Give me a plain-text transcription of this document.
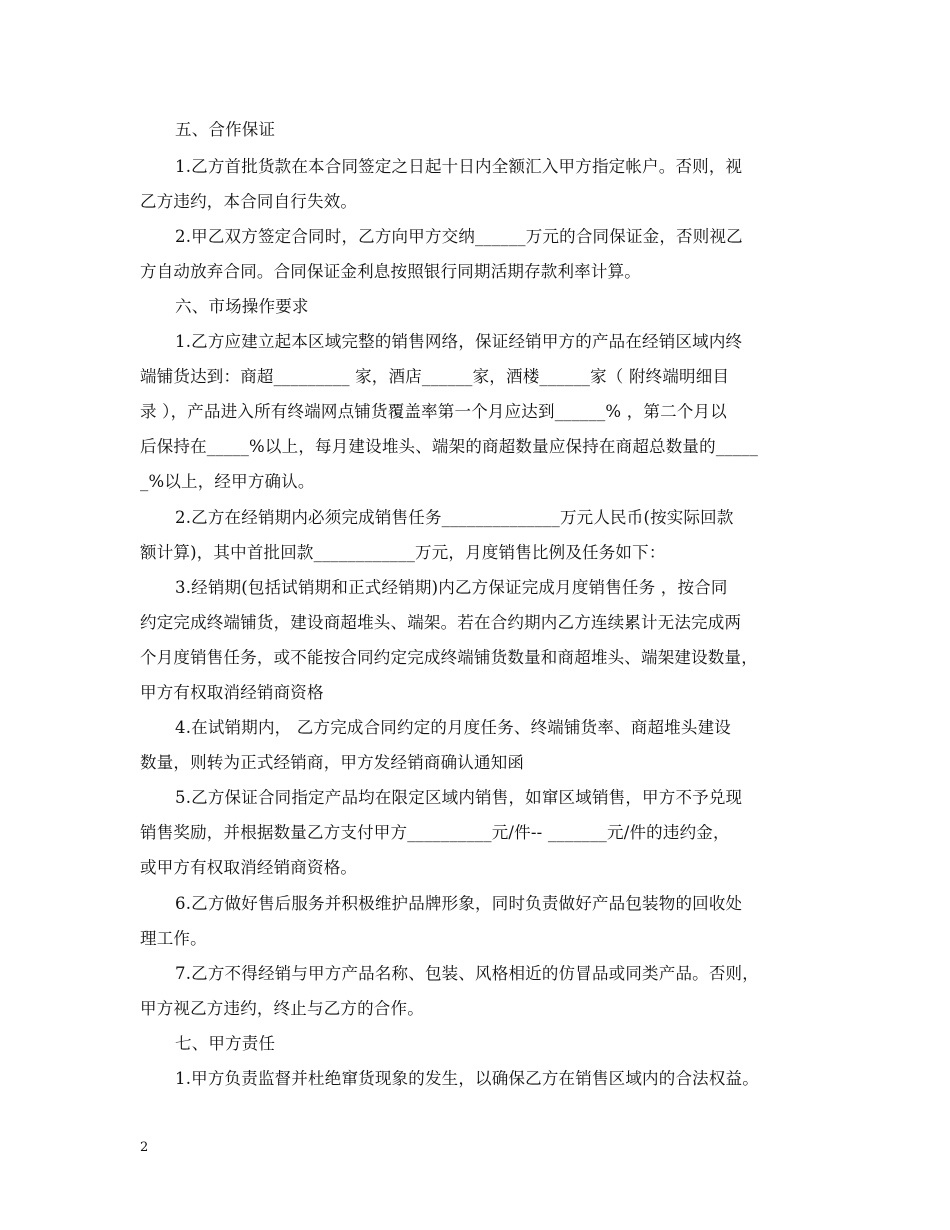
五、合作保证
1.乙方首批货款在本合同签定之日起十日内全额汇入甲方指定帐户。否则，视
乙方违约，本合同自行失效。
2.甲乙双方签定合同时，乙方向甲方交纳______万元的合同保证金，否则视乙
方自动放弃合同。合同保证金利息按照银行同期活期存款利率计算。
六、市场操作要求
1.乙方应建立起本区域完整的销售网络，保证经销甲方的产品在经销区域内终
端铺货达到：商超_________ 家，酒店______家，酒楼______家（ 附终端明细目
录 ），产品进入所有终端网点铺货覆盖率第一个月应达到______% ，第二个月以
后保持在_____%以上，每月建设堆头、端架的商超数量应保持在商超总数量的_____
_%以上，经甲方确认。
2.乙方在经销期内必须完成销售任务______________万元人民币(按实际回款
额计算)，其中首批回款____________万元，月度销售比例及任务如下：
3.经销期(包括试销期和正式经销期)内乙方保证完成月度销售任务 ，按合同
约定完成终端铺货，建设商超堆头、端架。若在合约期内乙方连续累计无法完成两
个月度销售任务，或不能按合同约定完成终端铺货数量和商超堆头、端架建设数量，
甲方有权取消经销商资格
4.在试销期内， 乙方完成合同约定的月度任务、终端铺货率、商超堆头建设
数量，则转为正式经销商，甲方发经销商确认通知函
5.乙方保证合同指定产品均在限定区域内销售，如窜区域销售，甲方不予兑现
销售奖励，并根据数量乙方支付甲方__________元/件-- _______元/件的违约金，
或甲方有权取消经销商资格。
6.乙方做好售后服务并积极维护品牌形象，同时负责做好产品包装物的回收处
理工作。
7.乙方不得经销与甲方产品名称、包装、风格相近的仿冒品或同类产品。否则，
甲方视乙方违约，终止与乙方的合作。
七、甲方责任
1.甲方负责监督并杜绝窜货现象的发生，以确保乙方在销售区域内的合法权益。
2
